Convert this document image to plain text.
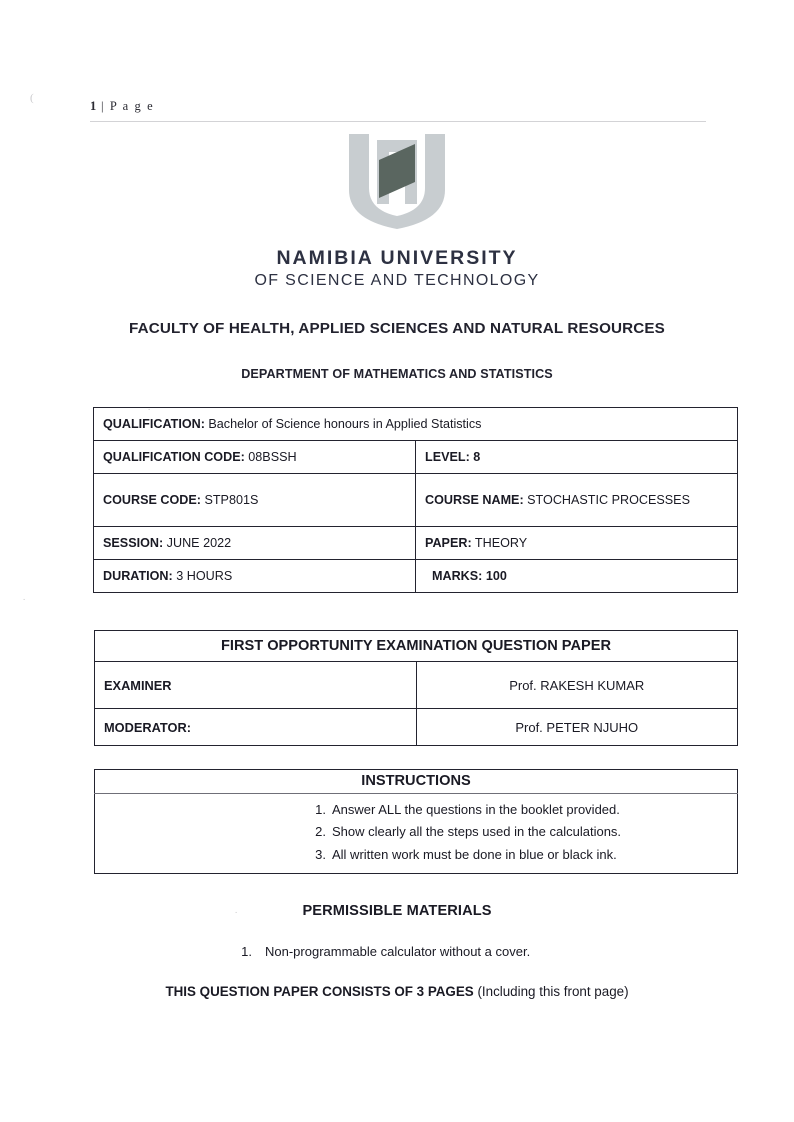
(
.
.
.
1 | P a g e
NAMIBIA UNIVERSITY
OF SCIENCE AND TECHNOLOGY
FACULTY OF HEALTH, APPLIED SCIENCES AND NATURAL RESOURCES
DEPARTMENT OF MATHEMATICS AND STATISTICS
QUALIFICATION: Bachelor of Science honours in Applied Statistics	
QUALIFICATION CODE: 08BSSH	LEVEL: 8
COURSE CODE: STP801S	COURSE NAME: STOCHASTIC PROCESSES
SESSION: JUNE 2022	PAPER: THEORY
DURATION: 3 HOURS	MARKS: 100
FIRST OPPORTUNITY EXAMINATION QUESTION PAPER	
EXAMINER	Prof. RAKESH KUMAR
MODERATOR:	Prof. PETER NJUHO
INSTRUCTIONS

1. Answer ALL the questions in the booklet provided.
2. Show clearly all the steps used in the calculations.
3. All written work must be done in blue or black ink.
PERMISSIBLE MATERIALS
1. Non-programmable calculator without a cover.
THIS QUESTION PAPER CONSISTS OF 3 PAGES (Including this front page)
